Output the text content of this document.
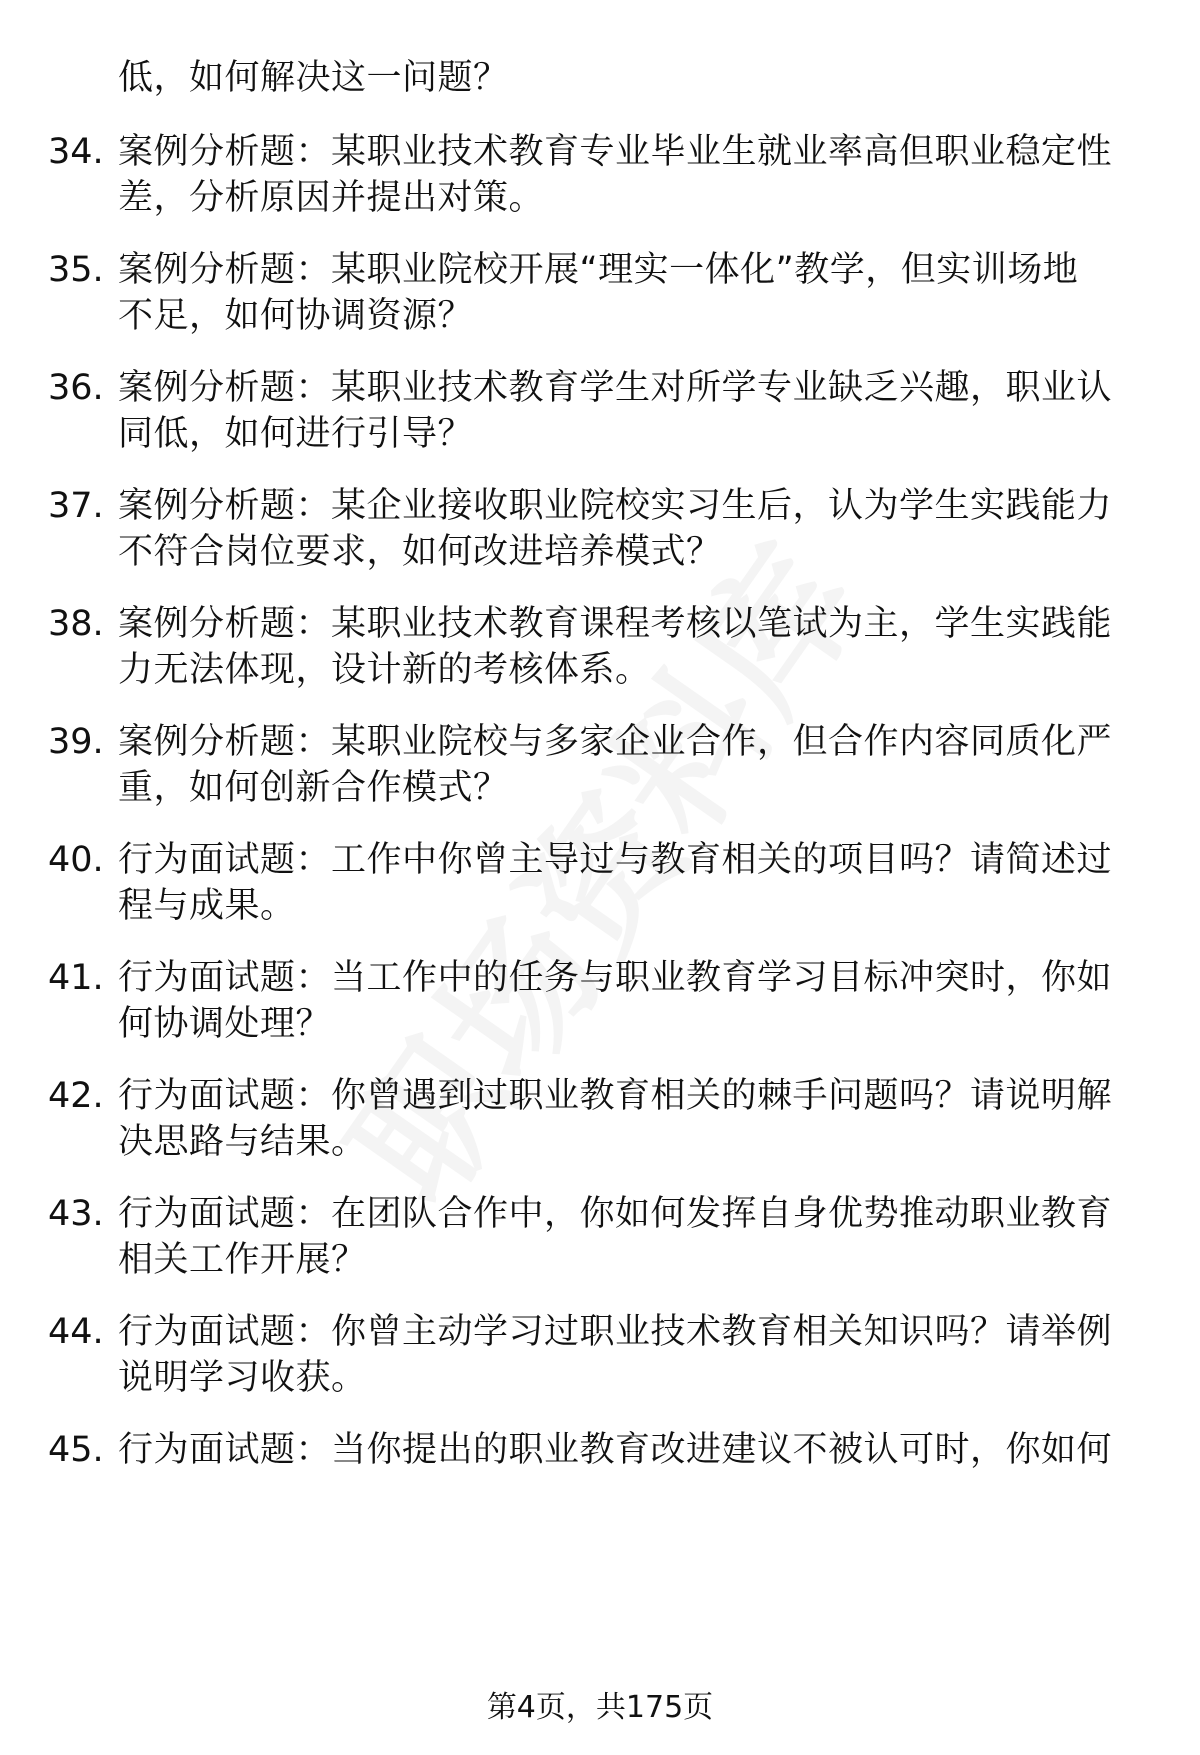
低，如何解决这一问题？
34. 案例分析题：某职业技术教育专业毕业生就业率高但职业稳定性
差，分析原因并提出对策。
35. 案例分析题：某职业院校开展“理实一体化”教学，但实训场地
不足，如何协调资源？
36. 案例分析题：某职业技术教育学生对所学专业缺乏兴趣，职业认
同低，如何进行引导？
37. 案例分析题：某企业接收职业院校实习生后，认为学生实践能力
不符合岗位要求，如何改进培养模式？
38. 案例分析题：某职业技术教育课程考核以笔试为主，学生实践能
力无法体现，设计新的考核体系。
39. 案例分析题：某职业院校与多家企业合作，但合作内容同质化严
重，如何创新合作模式？
40. 行为面试题：工作中你曾主导过与教育相关的项目吗？请简述过
程与成果。
41. 行为面试题：当工作中的任务与职业教育学习目标冲突时，你如
何协调处理？
42. 行为面试题：你曾遇到过职业教育相关的棘手问题吗？请说明解
决思路与结果。
43. 行为面试题：在团队合作中，你如何发挥自身优势推动职业教育
相关工作开展？
44. 行为面试题：你曾主动学习过职业技术教育相关知识吗？请举例
说明学习收获。
45. 行为面试题：当你提出的职业教育改进建议不被认可时，你如何
第4页，共175页
